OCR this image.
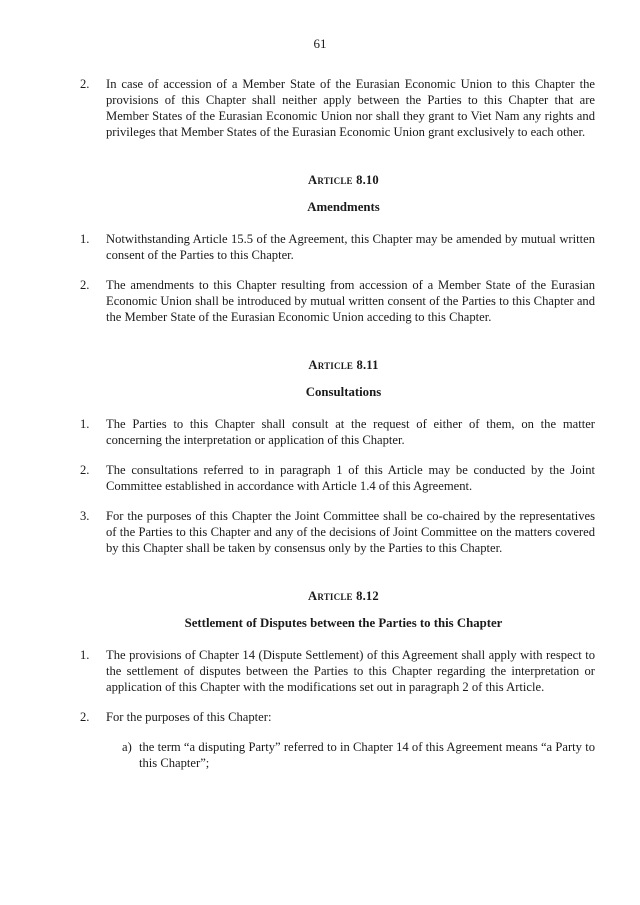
61
2. In case of accession of a Member State of the Eurasian Economic Union to this Chapter the provisions of this Chapter shall neither apply between the Parties to this Chapter that are Member States of the Eurasian Economic Union nor shall they grant to Viet Nam any rights and privileges that Member States of the Eurasian Economic Union grant exclusively to each other.
Article 8.10
Amendments
1. Notwithstanding Article 15.5 of the Agreement, this Chapter may be amended by mutual written consent of the Parties to this Chapter.
2. The amendments to this Chapter resulting from accession of a Member State of the Eurasian Economic Union shall be introduced by mutual written consent of the Parties to this Chapter and the Member State of the Eurasian Economic Union acceding to this Chapter.
Article 8.11
Consultations
1. The Parties to this Chapter shall consult at the request of either of them, on the matter concerning the interpretation or application of this Chapter.
2. The consultations referred to in paragraph 1 of this Article may be conducted by the Joint Committee established in accordance with Article 1.4 of this Agreement.
3. For the purposes of this Chapter the Joint Committee shall be co-chaired by the representatives of the Parties to this Chapter and any of the decisions of Joint Committee on the matters covered by this Chapter shall be taken by consensus only by the Parties to this Chapter.
Article 8.12
Settlement of Disputes between the Parties to this Chapter
1. The provisions of Chapter 14 (Dispute Settlement) of this Agreement shall apply with respect to the settlement of disputes between the Parties to this Chapter regarding the interpretation or application of this Chapter with the modifications set out in paragraph 2 of this Article.
2. For the purposes of this Chapter:
a) the term “a disputing Party” referred to in Chapter 14 of this Agreement means “a Party to this Chapter”;
